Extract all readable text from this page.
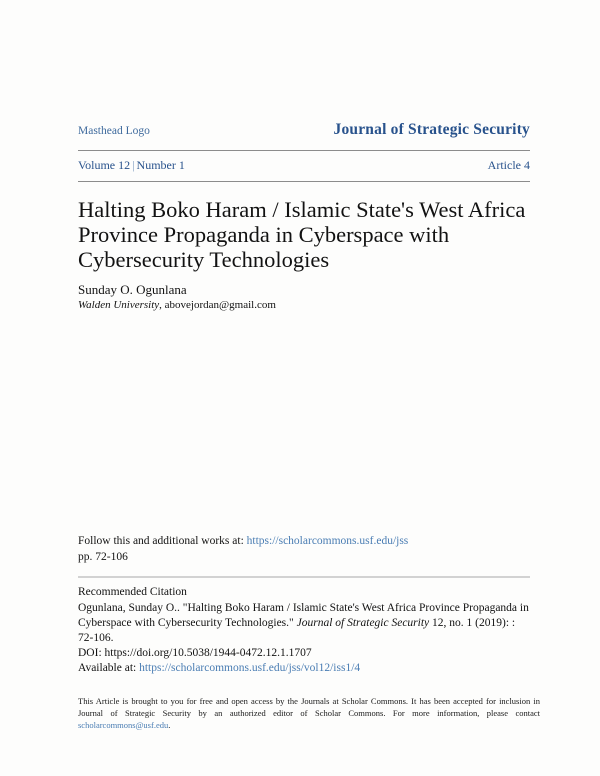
Masthead Logo	Journal of Strategic Security
Volume 12 | Number 1	Article 4
Halting Boko Haram / Islamic State's West Africa Province Propaganda in Cyberspace with Cybersecurity Technologies
Sunday O. Ogunlana
Walden University, abovejordan@gmail.com
Follow this and additional works at: https://scholarcommons.usf.edu/jss
pp. 72-106
Recommended Citation
Ogunlana, Sunday O.. "Halting Boko Haram / Islamic State's West Africa Province Propaganda in Cyberspace with Cybersecurity Technologies." Journal of Strategic Security 12, no. 1 (2019): : 72-106.
DOI: https://doi.org/10.5038/1944-0472.12.1.1707
Available at: https://scholarcommons.usf.edu/jss/vol12/iss1/4
This Article is brought to you for free and open access by the Journals at Scholar Commons. It has been accepted for inclusion in Journal of Strategic Security by an authorized editor of Scholar Commons. For more information, please contact scholarcommons@usf.edu.
